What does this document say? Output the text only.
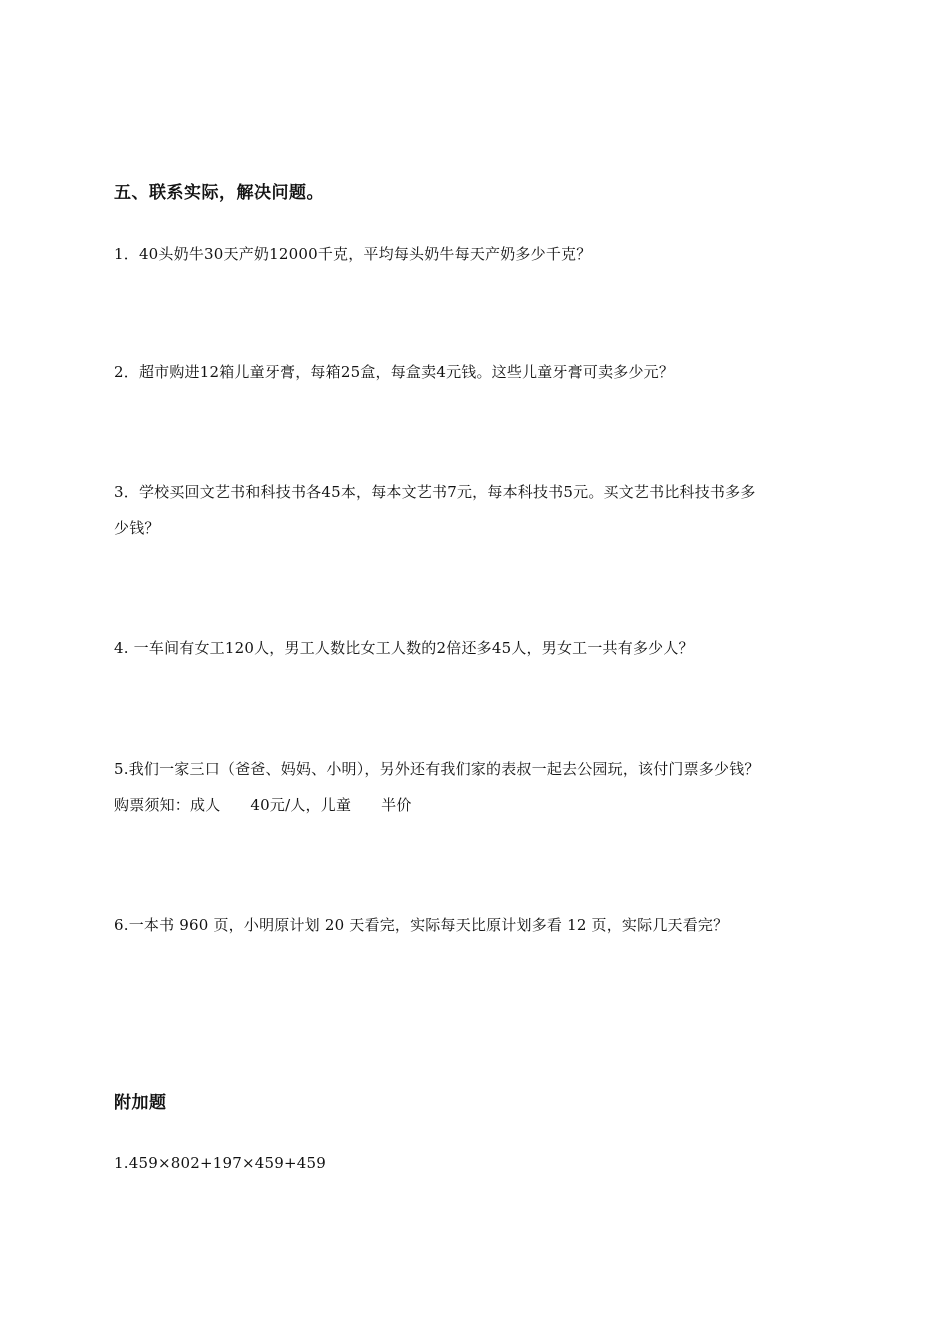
五、联系实际，解决问题。
1．40头奶牛30天产奶12000千克，平均每头奶牛每天产奶多少千克？
2．超市购进12箱儿童牙膏，每箱25盒，每盒卖4元钱。这些儿童牙膏可卖多少元？
3．学校买回文艺书和科技书各45本，每本文艺书7元，每本科技书5元。买文艺书比科技书多多
少钱？
4. 一车间有女工120人，男工人数比女工人数的2倍还多45人，男女工一共有多少人？
5.我们一家三口（爸爸、妈妈、小明），另外还有我们家的表叔一起去公园玩，该付门票多少钱？
购票须知：成人 40元/人，儿童 半价
6.一本书 960 页，小明原计划 20 天看完，实际每天比原计划多看 12 页，实际几天看完？
附加题
1.459×802+197×459+459
